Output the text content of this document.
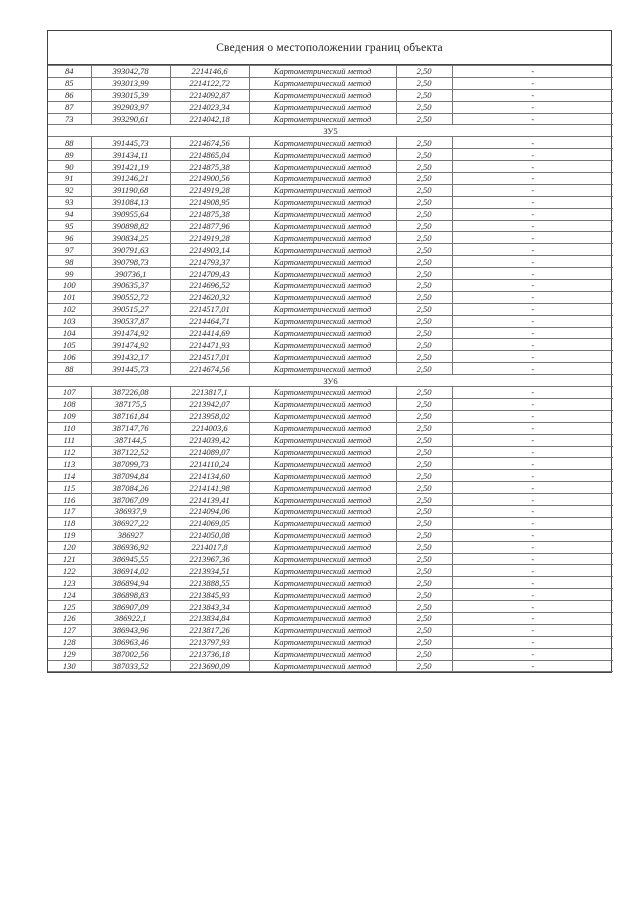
Сведения о местоположении границ объекта
84	393042,78	2214146,6	Картометрический метод	2,50	-
85	393013,99	2214122,72	Картометрический метод	2,50	-
86	393015,39	2214092,87	Картометрический метод	2,50	-
87	392903,97	2214023,34	Картометрический метод	2,50	-
73	393290,61	2214042,18	Картометрический метод	2,50	-
ЗУ5					
88	391445,73	2214674,56	Картометрический метод	2,50	-
89	391434,11	2214865,04	Картометрический метод	2,50	-
90	391421,19	2214875,38	Картометрический метод	2,50	-
91	391246,21	2214900,56	Картометрический метод	2,50	-
92	391190,68	2214919,28	Картометрический метод	2,50	-
93	391084,13	2214908,95	Картометрический метод	2,50	-
94	390955,64	2214875,38	Картометрический метод	2,50	-
95	390898,82	2214877,96	Картометрический метод	2,50	-
96	390834,25	2214919,28	Картометрический метод	2,50	-
97	390791,63	2214903,14	Картометрический метод	2,50	-
98	390798,73	2214793,37	Картометрический метод	2,50	-
99	390736,1	2214709,43	Картометрический метод	2,50	-
100	390635,37	2214696,52	Картометрический метод	2,50	-
101	390552,72	2214620,32	Картометрический метод	2,50	-
102	390515,27	2214517,01	Картометрический метод	2,50	-
103	390537,87	2214464,71	Картометрический метод	2,50	-
104	391474,92	2214414,69	Картометрический метод	2,50	-
105	391474,92	2214471,93	Картометрический метод	2,50	-
106	391432,17	2214517,01	Картометрический метод	2,50	-
88	391445,73	2214674,56	Картометрический метод	2,50	-
ЗУ6					
107	387226,08	2213817,1	Картометрический метод	2,50	-
108	387175,5	2213942,07	Картометрический метод	2,50	-
109	387161,84	2213958,02	Картометрический метод	2,50	-
110	387147,76	2214003,6	Картометрический метод	2,50	-
111	387144,5	2214039,42	Картометрический метод	2,50	-
112	387122,52	2214089,07	Картометрический метод	2,50	-
113	387099,73	2214110,24	Картометрический метод	2,50	-
114	387094,84	2214134,60	Картометрический метод	2,50	-
115	387084,26	2214141,98	Картометрический метод	2,50	-
116	387067,09	2214139,41	Картометрический метод	2,50	-
117	386937,9	2214094,06	Картометрический метод	2,50	-
118	386927,22	2214069,05	Картометрический метод	2,50	-
119	386927	2214050,08	Картометрический метод	2,50	-
120	386936,92	2214017,8	Картометрический метод	2,50	-
121	386945,55	2213967,36	Картометрический метод	2,50	-
122	386914,02	2213934,51	Картометрический метод	2,50	-
123	386894,94	2213888,55	Картометрический метод	2,50	-
124	386898,83	2213845,93	Картометрический метод	2,50	-
125	386907,09	2213843,34	Картометрический метод	2,50	-
126	386922,1	2213834,84	Картометрический метод	2,50	-
127	386943,96	2213817,26	Картометрический метод	2,50	-
128	386963,46	2213797,93	Картометрический метод	2,50	-
129	387002,56	2213736,18	Картометрический метод	2,50	-
130	387033,52	2213690,09	Картометрический метод	2,50	-
